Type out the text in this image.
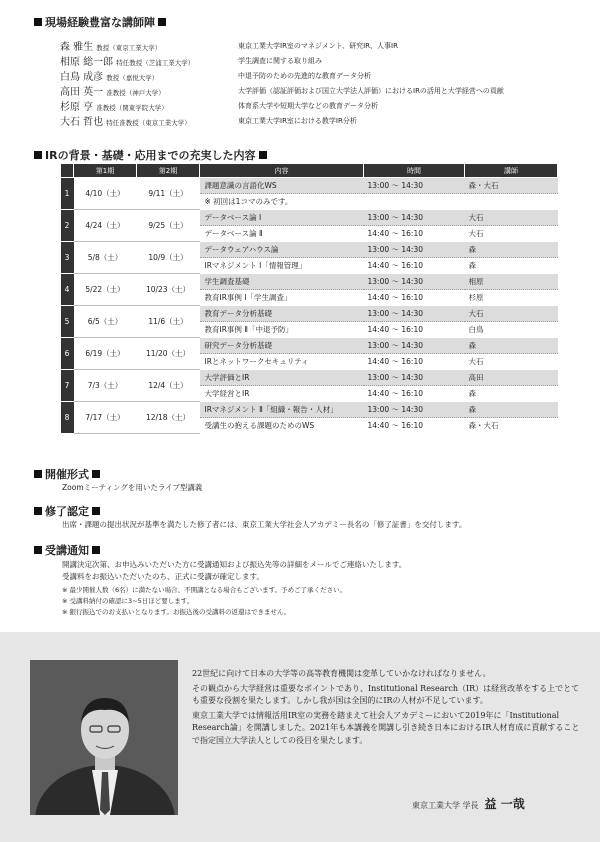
現場経験豊富な講師陣
森 雅生 教授（東京工業大学）	東京工業大学IR室のマネジメント、研究IR、人事IR
相原 総一郎 特任教授（芝浦工業大学）	学生調査に関する取り組み
白鳥 成彦 教授（嘉悦大学）	中退予防のための先進的な教育データ分析
高田 英一 准教授（神戸大学）	大学評価（認証評価および国立大学法人評価）におけるIRの活用と大学経営への貢献
杉原 亨 准教授（関東学院大学）	体育系大学や短期大学などの教育データ分析
大石 哲也 特任准教授（東京工業大学）	東京工業大学IR室における教学IR分析
IRの背景・基礎・応用までの充実した内容
	第1期	第2期	内容	時間	講師
1	4/10（土）	9/11（土）	課題意識の言語化WS	13:00 ～ 14:30	森・大石
			※ 初回は1コマのみです。		
2	4/24（土）	9/25（土）	データベース論 Ⅰ	13:00 ～ 14:30	大石
			データベース論 Ⅱ	14:40 ～ 16:10	大石
3	5/8（土）	10/9（土）	データウェアハウス論	13:00 ～ 14:30	森
			IRマネジメント Ⅰ「情報管理」	14:40 ～ 16:10	森
4	5/22（土）	10/23（土）	学生調査基礎	13:00 ～ 14:30	相原
			教育IR事例 Ⅰ「学生調査」	14:40 ～ 16:10	杉原
5	6/5（土）	11/6（土）	教育データ分析基礎	13:00 ～ 14:30	大石
			教育IR事例 Ⅱ「中退予防」	14:40 ～ 16:10	白鳥
6	6/19（土）	11/20（土）	研究データ分析基礎	13:00 ～ 14:30	森
			IRとネットワークセキュリティ	14:40 ～ 16:10	大石
7	7/3（土）	12/4（土）	大学評価とIR	13:00 ～ 14:30	高田
			大学経営とIR	14:40 ～ 16:10	森
8	7/17（土）	12/18（土）	IRマネジメント Ⅱ「組織・報告・人材」	13:00 ～ 14:30	森
			受講生の抱える課題のためのWS	14:40 ～ 16:10	森・大石
開催形式
Zoomミーティングを用いたライブ型講義
修了認定
出席・課題の提出状況が基準を満たした修了者には、東京工業大学社会人アカデミー長名の「修了証書」を交付します。
受講通知
開講決定次第、お申込みいただいた方に受講通知および振込先等の詳細をメールでご連絡いたします。
受講料をお振込いただいたのち、正式に受講が確定します。
※ 最少開催人数（6名）に満たない場合、不開講となる場合もございます。予めご了承ください。
※ 受講料納付の確認に3~5日ほど要します。
※ 銀行振込でのお支払いとなります。お振込後の受講料の返還はできません。

22世紀に向けて日本の大学等の高等教育機関は変革していかなければなりません。

その観点から大学経営は重要なポイントであり、Institutional Research（IR）は経営改革をする上でとても重要な役割を果たします。しかし我が国は全国的にIRの人材が不足しています。

東京工業大学では情報活用IR室の実務を踏まえて社会人アカデミーにおいて2019年に「Institutional Research論」を開講しました。2021年も本講義を開講し引き続き日本におけるIR人材育成に貢献することで指定国立大学法人としての役目を果たします。

東京工業大学 学長 益 一哉
